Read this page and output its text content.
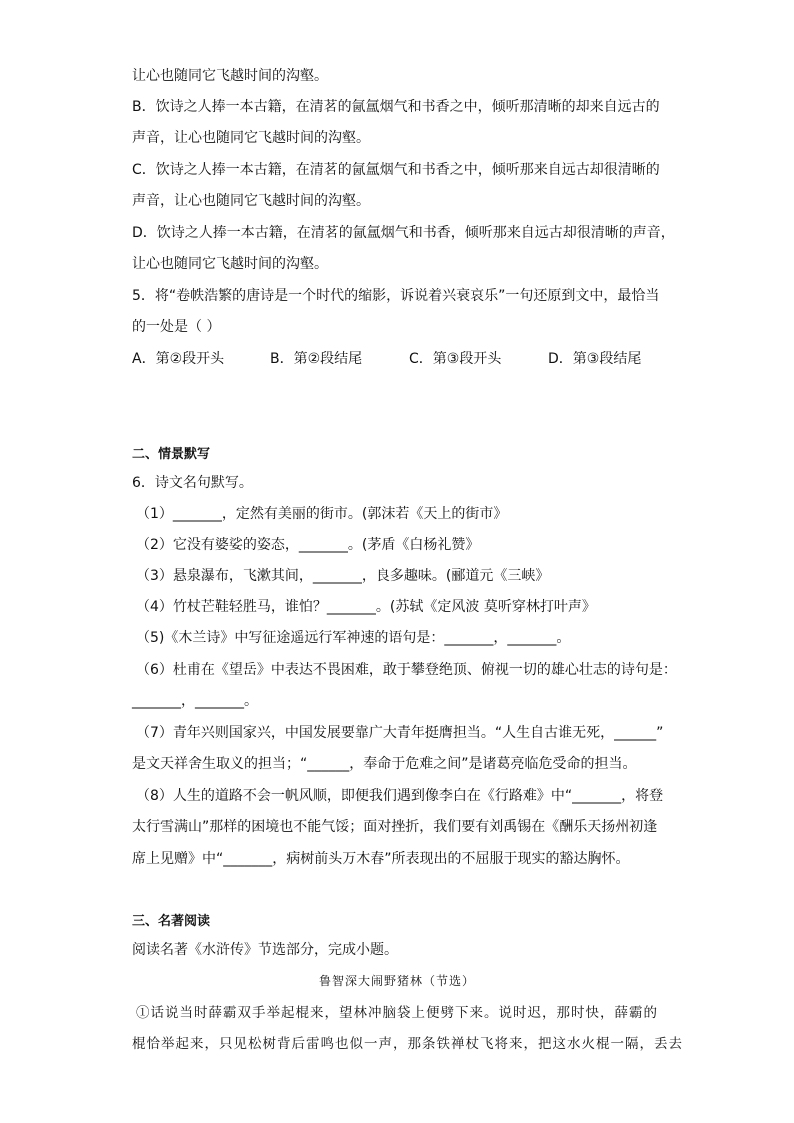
让心也随同它飞越时间的沟壑。
B．饮诗之人捧一本古籍，在清茗的氤氲烟气和书香之中，倾听那清晰的却来自远古的
声音，让心也随同它飞越时间的沟壑。
C．饮诗之人捧一本古籍，在清茗的氤氲烟气和书香之中，倾听那来自远古却很清晰的
声音，让心也随同它飞越时间的沟壑。
D．饮诗之人捧一本古籍，在清茗的氤氲烟气和书香，倾听那来自远古却很清晰的声音，
让心也随同它飞越时间的沟壑。
5．将“卷帙浩繁的唐诗是一个时代的缩影，诉说着兴衰哀乐”一句还原到文中，最恰当
的一处是（ ）
A．第②段开头	B．第②段结尾	C．第③段开头	D．第③段结尾
二、情景默写
6．诗文名句默写。
（1）_______，定然有美丽的街市。(郭沫若《天上的街市》
（2）它没有婆娑的姿态，_______。(茅盾《白杨礼赞》
（3）悬泉瀑布，飞漱其间，_______，良多趣味。(郦道元《三峡》
（4）竹杖芒鞋轻胜马，谁怕？_______。(苏轼《定风波 莫听穿林打叶声》
（5)《木兰诗》中写征途遥远行军神速的语句是：_______，_______。
（6）杜甫在《望岳》中表达不畏困难，敢于攀登绝顶、俯视一切的雄心壮志的诗句是：
_______，_______。
（7）青年兴则国家兴，中国发展要靠广大青年挺膺担当。“人生自古谁无死，______”
是文天祥舍生取义的担当；“______，奉命于危难之间”是诸葛亮临危受命的担当。
（8）人生的道路不会一帆风顺，即便我们遇到像李白在《行路难》中“_______，将登
太行雪满山”那样的困境也不能气馁；面对挫折，我们要有刘禹锡在《酬乐天扬州初逢
席上见赠》中“_______，病树前头万木春”所表现出的不屈服于现实的豁达胸怀。
三、名著阅读
阅读名著《水浒传》节选部分，完成小题。
鲁智深大闹野猪林（节选）
①话说当时薛霸双手举起棍来，望林冲脑袋上便劈下来。说时迟，那时快，薛霸的
棍恰举起来，只见松树背后雷鸣也似一声，那条铁禅杖飞将来，把这水火棍一隔，丢去
